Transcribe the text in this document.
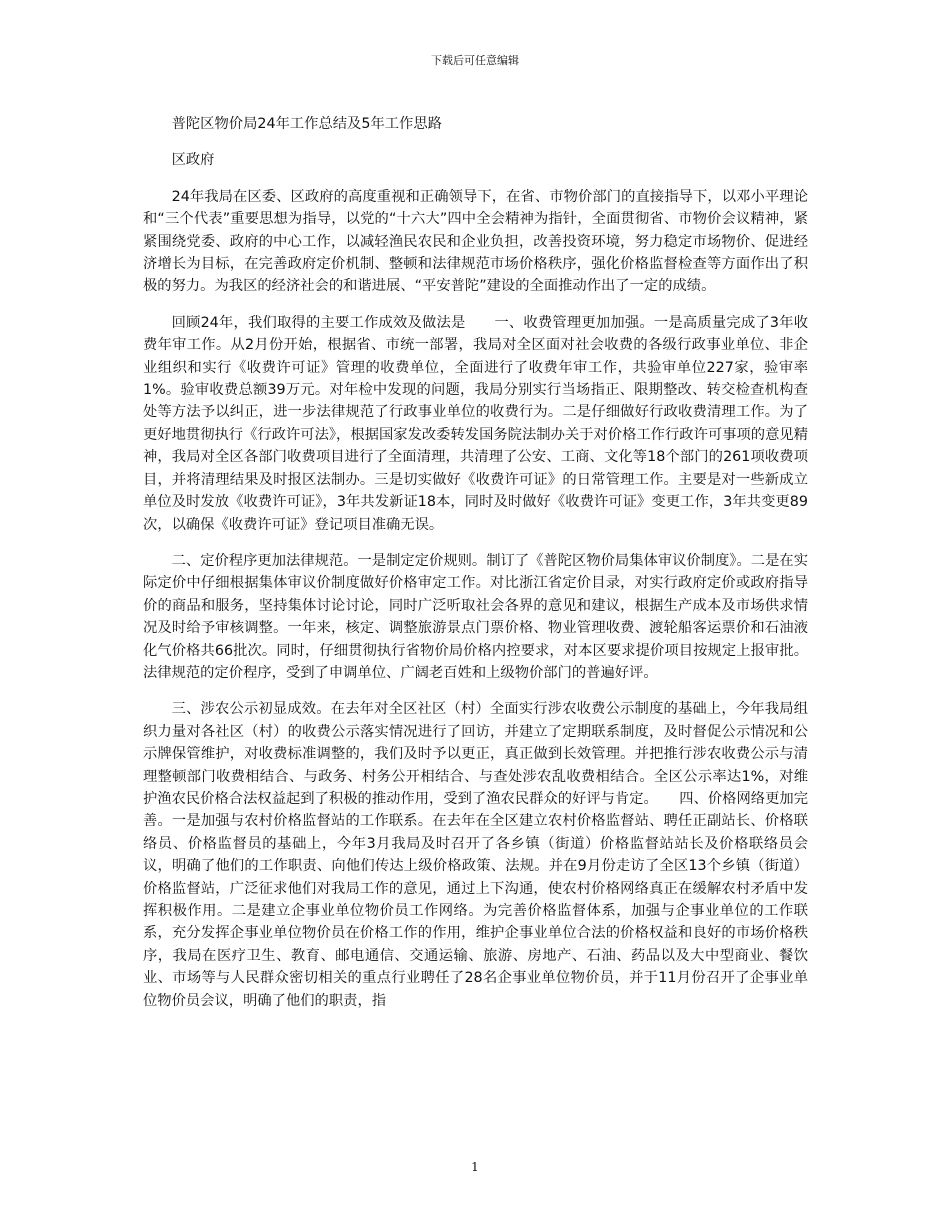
下载后可任意编辑

普陀区物价局24年工作总结及5年工作思路

区政府

24年我局在区委、区政府的高度重视和正确领导下，在省、市物价部门的直接指导下，以邓小平理论和“三个代表”重要思想为指导，以党的“十六大”四中全会精神为指针，全面贯彻省、市物价会议精神，紧紧围绕党委、政府的中心工作，以减轻渔民农民和企业负担，改善投资环境，努力稳定市场物价、促进经济增长为目标，在完善政府定价机制、整顿和法律规范市场价格秩序，强化价格监督检查等方面作出了积极的努力。为我区的经济社会的和谐进展、“平安普陀”建设的全面推动作出了一定的成绩。

回顾24年，我们取得的主要工作成效及做法是　　一、收费管理更加加强。一是高质量完成了3年收费年审工作。从2月份开始，根据省、市统一部署，我局对全区面对社会收费的各级行政事业单位、非企业组织和实行《收费许可证》管理的收费单位，全面进行了收费年审工作，共验审单位227家，验审率1%。验审收费总额39万元。对年检中发现的问题，我局分别实行当场指正、限期整改、转交检查机构查处等方法予以纠正，进一步法律规范了行政事业单位的收费行为。二是仔细做好行政收费清理工作。为了更好地贯彻执行《行政许可法》，根据国家发改委转发国务院法制办关于对价格工作行政许可事项的意见精神，我局对全区各部门收费项目进行了全面清理，共清理了公安、工商、文化等18个部门的261项收费项目，并将清理结果及时报区法制办。三是切实做好《收费许可证》的日常管理工作。主要是对一些新成立单位及时发放《收费许可证》，3年共发新证18本，同时及时做好《收费许可证》变更工作，3年共变更89次，以确保《收费许可证》登记项目准确无误。

二、定价程序更加法律规范。一是制定定价规则。制订了《普陀区物价局集体审议价制度》。二是在实际定价中仔细根据集体审议价制度做好价格审定工作。对比浙江省定价目录，对实行政府定价或政府指导价的商品和服务，坚持集体讨论讨论，同时广泛听取社会各界的意见和建议，根据生产成本及市场供求情况及时给予审核调整。一年来，核定、调整旅游景点门票价格、物业管理收费、渡轮船客运票价和石油液化气价格共66批次。同时，仔细贯彻执行省物价局价格内控要求，对本区要求提价项目按规定上报审批。法律规范的定价程序，受到了申调单位、广阔老百姓和上级物价部门的普遍好评。

三、涉农公示初显成效。在去年对全区社区（村）全面实行涉农收费公示制度的基础上，今年我局组织力量对各社区（村）的收费公示落实情况进行了回访，并建立了定期联系制度，及时督促公示情况和公示牌保管维护，对收费标准调整的，我们及时予以更正，真正做到长效管理。并把推行涉农收费公示与清理整顿部门收费相结合、与政务、村务公开相结合、与查处涉农乱收费相结合。全区公示率达1%，对维护渔农民价格合法权益起到了积极的推动作用，受到了渔农民群众的好评与肯定。　　四、价格网络更加完善。一是加强与农村价格监督站的工作联系。在去年在全区建立农村价格监督站、聘任正副站长、价格联络员、价格监督员的基础上，今年3月我局及时召开了各乡镇（街道）价格监督站站长及价格联络员会议，明确了他们的工作职责、向他们传达上级价格政策、法规。并在9月份走访了全区13个乡镇（街道）价格监督站，广泛征求他们对我局工作的意见，通过上下沟通，使农村价格网络真正在缓解农村矛盾中发挥积极作用。二是建立企事业单位物价员工作网络。为完善价格监督体系，加强与企事业单位的工作联系，充分发挥企事业单位物价员在价格工作的作用，维护企事业单位合法的价格权益和良好的市场价格秩序，我局在医疗卫生、教育、邮电通信、交通运输、旅游、房地产、石油、药品以及大中型商业、餐饮业、市场等与人民群众密切相关的重点行业聘任了28名企事业单位物价员，并于11月份召开了企事业单位物价员会议，明确了他们的职责，指

1
